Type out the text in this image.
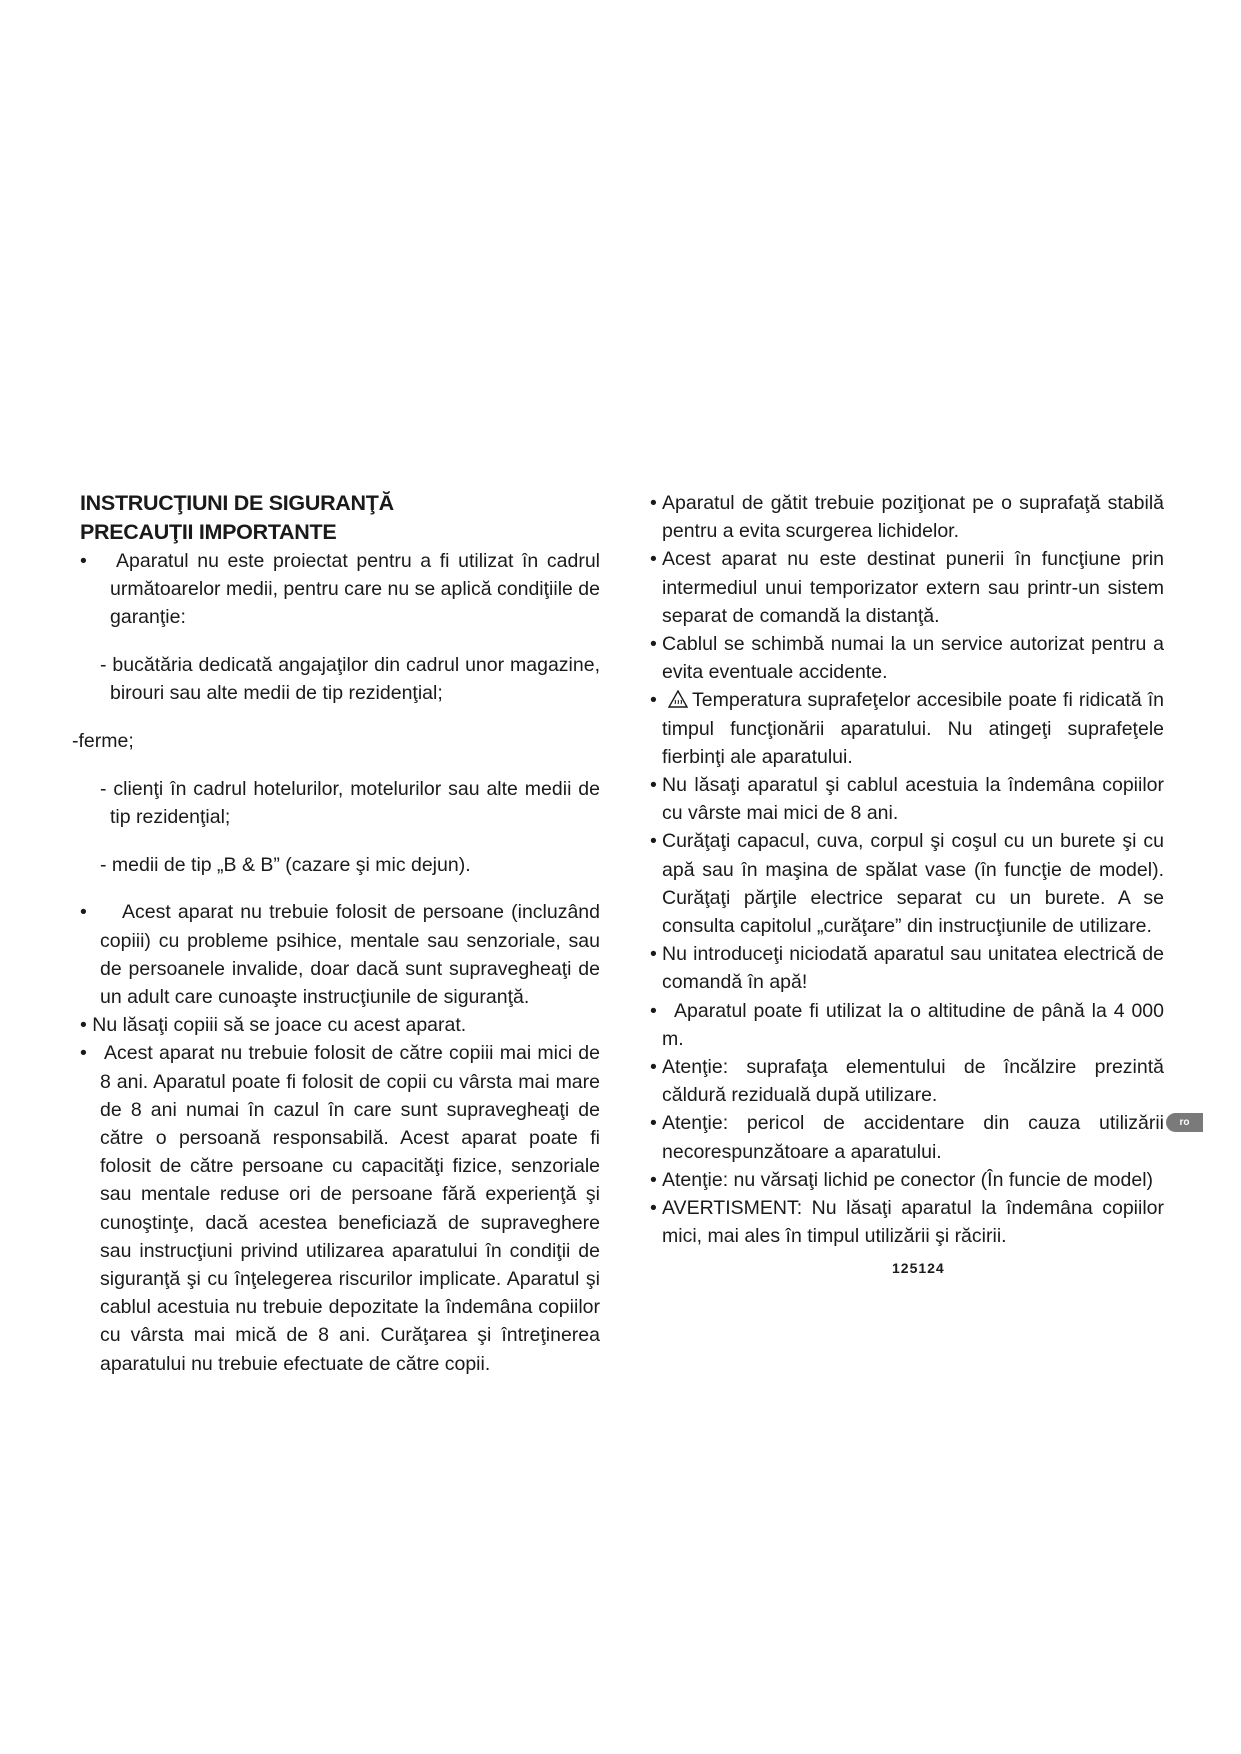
INSTRUCŢIUNI DE SIGURANŢĂ

PRECAUŢII IMPORTANTE

•	Aparatul nu este proiectat pentru a fi utilizat în cadrul următoarelor medii, pentru care nu se aplică condiţiile de garanţie:

- bucătăria dedicată angajaţilor din cadrul unor magazine, birouri sau alte medii de tip rezidenţial;

-ferme;

- clienţi în cadrul hotelurilor, motelurilor sau alte medii de tip rezidenţial;

- medii de tip „B & B” (cazare şi mic dejun).

•	Acest aparat nu trebuie folosit de persoane (incluzând copiii) cu probleme psihice, mentale sau senzoriale, sau de persoanele invalide, doar dacă sunt supravegheaţi de un adult care cunoaşte instrucţiunile de siguranţă.

• Nu lăsaţi copiii să se joace cu acest aparat.

• Acest aparat nu trebuie folosit de către copiii mai mici de 8 ani. Aparatul poate fi folosit de copii cu vârsta mai mare de 8 ani numai în cazul în care sunt supravegheaţi de către o persoană responsabilă. Acest aparat poate fi folosit de către persoane cu capacităţi fizice, senzoriale sau mentale reduse ori de persoane fără experienţă şi cunoştinţe, dacă acestea beneficiază de supraveghere sau instrucţiuni privind utilizarea aparatului în condiţii de siguranţă şi cu înţelegerea riscurilor implicate. Aparatul şi cablul acestuia nu trebuie depozitate la îndemâna copiilor cu vârsta mai mică de 8 ani. Curăţarea şi întreţinerea aparatului nu trebuie efectuate de către copii.

• Aparatul de gătit trebuie poziţionat pe o suprafaţă stabilă pentru a evita scurgerea lichidelor.

• Acest aparat nu este destinat punerii în funcţiune prin intermediul unui temporizator extern sau printr-un sistem separat de comandă la distanţă.

• Cablul se schimbă numai la un service autorizat pentru a evita eventuale accidente.

•	Temperatura suprafeţelor accesibile poate fi ridicată în timpul funcţionării aparatului. Nu atingeţi suprafeţele fierbinţi ale aparatului.

• Nu lăsaţi aparatul şi cablul acestuia la îndemâna copiilor cu vârste mai mici de 8 ani.

• Curăţaţi capacul, cuva, corpul şi coşul cu un burete şi cu apă sau în maşina de spălat vase (în funcţie de model). Curăţaţi părţile electrice separat cu un burete. A se consulta capitolul „curăţare” din instrucţiunile de utilizare.

• Nu introduceţi niciodată aparatul sau unitatea electrică de comandă în apă!

• Aparatul poate fi utilizat la o altitudine de până la 4 000 m.

• Atenţie: suprafaţa elementului de încălzire prezintă căldură reziduală după utilizare.

• Atenţie: pericol de accidentare din cauza utilizării necorespunzătoare a aparatului.

• Atenţie: nu vărsaţi lichid pe conector (În funcie de model)

• AVERTISMENT: Nu lăsaţi aparatul la îndemâna copiilor mici, mai ales în timpul utilizării şi răcirii.

125124
ro
